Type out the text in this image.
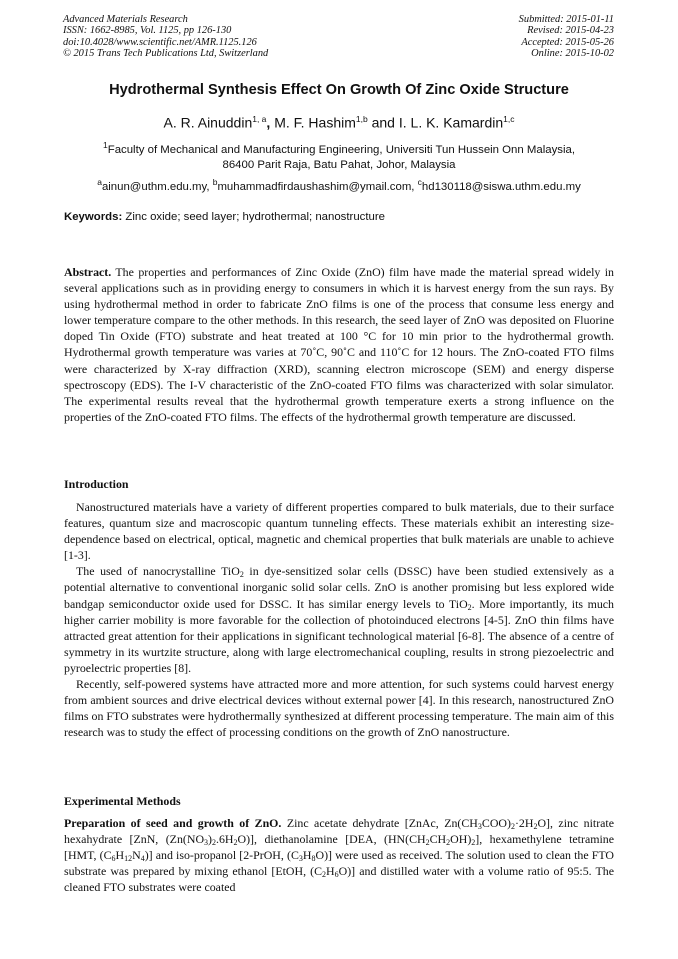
Advanced Materials Research
ISSN: 1662-8985, Vol. 1125, pp 126-130
doi:10.4028/www.scientific.net/AMR.1125.126
© 2015 Trans Tech Publications Ltd, Switzerland
Submitted: 2015-01-11
Revised: 2015-04-23
Accepted: 2015-05-26
Online: 2015-10-02
Hydrothermal Synthesis Effect On Growth Of Zinc Oxide Structure
A. R. Ainuddin$^{1, a}$, M. F. Hashim$^{1,b}$ and I. L. K. Kamardin$^{1,c}$
$^1$Faculty of Mechanical and Manufacturing Engineering, Universiti Tun Hussein Onn Malaysia,
86400 Parit Raja, Batu Pahat, Johor, Malaysia
$^a$ainun@uthm.edu.my, $^b$muhammadfirdaushashim@ymail.com, $^c$hd130118@siswa.uthm.edu.my
Keywords: Zinc oxide; seed layer; hydrothermal; nanostructure

Abstract. The properties and performances of Zinc Oxide (ZnO) film have made the material spread widely in several applications such as in providing energy to consumers in which it is harvest energy from the sun rays. By using hydrothermal method in order to fabricate ZnO films is one of the process that consume less energy and lower temperature compare to the other methods. In this research, the seed layer of ZnO was deposited on Fluorine doped Tin Oxide (FTO) substrate and heat treated at 100 °C for 10 min prior to the hydrothermal growth. Hydrothermal growth temperature was varies at 70˚C, 90˚C and 110˚C for 12 hours. The ZnO-coated FTO films were characterized by X-ray diffraction (XRD), scanning electron microscope (SEM) and energy disperse spectroscopy (EDS). The I-V characteristic of the ZnO-coated FTO films was characterized with solar simulator. The experimental results reveal that the hydrothermal growth temperature exerts a strong influence on the properties of the ZnO-coated FTO films. The effects of the hydrothermal growth temperature are discussed.

Introduction

Nanostructured materials have a variety of different properties compared to bulk materials, due to their surface features, quantum size and macroscopic quantum tunneling effects. These materials exhibit an interesting size-dependence based on electrical, optical, magnetic and chemical properties that bulk materials are unable to achieve [1-3].

The used of nanocrystalline TiO$_2$ in dye-sensitized solar cells (DSSC) have been studied extensively as a potential alternative to conventional inorganic solid solar cells. ZnO is another promising but less explored wide bandgap semiconductor oxide used for DSSC. It has similar energy levels to TiO$_2$. More importantly, its much higher carrier mobility is more favorable for the collection of photoinduced electrons [4-5]. ZnO thin films have attracted great attention for their applications in significant technological material [6-8]. The absence of a centre of symmetry in its wurtzite structure, along with large electromechanical coupling, results in strong piezoelectric and pyroelectric properties [8].

Recently, self-powered systems have attracted more and more attention, for such systems could harvest energy from ambient sources and drive electrical devices without external power [4]. In this research, nanostructured ZnO films on FTO substrates were hydrothermally synthesized at different processing temperature. The main aim of this research was to study the effect of processing conditions on the growth of ZnO nanostructure.

Experimental Methods

Preparation of seed and growth of ZnO. Zinc acetate dehydrate [ZnAc, $Zn(CH_3COO)_2\cdot 2H_2O$], zinc nitrate hexahydrate [ZnN, $(Zn(NO_3)_2.6H_2O)$], diethanolamine [DEA, $(HN(CH_2CH_2OH)_2]$, hexamethylene tetramine [HMT, $(C_6H_{12}N_4)$] and iso-propanol [2-PrOH, $(C_3H_8O)$] were used as received. The solution used to clean the FTO substrate was prepared by mixing ethanol [EtOH, $(C_2H_6O)$] and distilled water with a volume ratio of 95:5. The cleaned FTO substrates were coated
